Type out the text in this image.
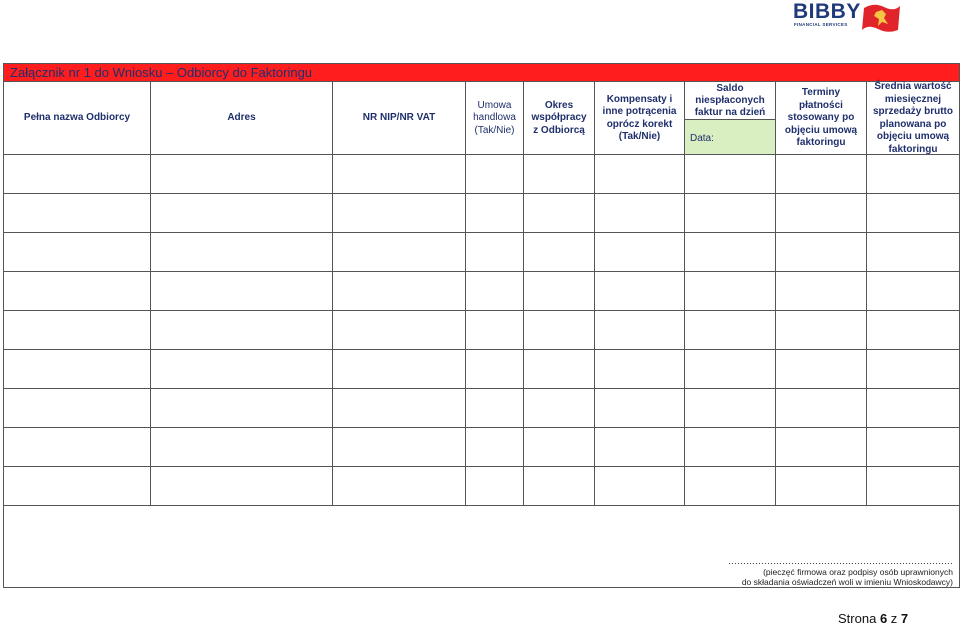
BIBBY
FINANCIAL SERVICES
Załącznik nr 1 do Wniosku – Odbiorcy do Faktoringu
Pełna nazwa Odbiorcy	Adres	NR NIP/NR VAT
Umowa handlowa (Tak/Nie)
Okres współpracy z Odbiorcą
Kompensaty i inne potrącenia oprócz korekt (Tak/Nie)
Saldo niespłaconych faktur na dzień
Data:
Terminy płatności stosowany po objęciu umową faktoringu
Średnia wartość miesięcznej sprzedaży brutto planowana po objęciu umową faktoringu
…………………………………………………………………
(pieczęć firmowa oraz podpisy osób uprawnionych
do składania oświadczeń woli w imieniu Wnioskodawcy)
Strona 6 z 7
